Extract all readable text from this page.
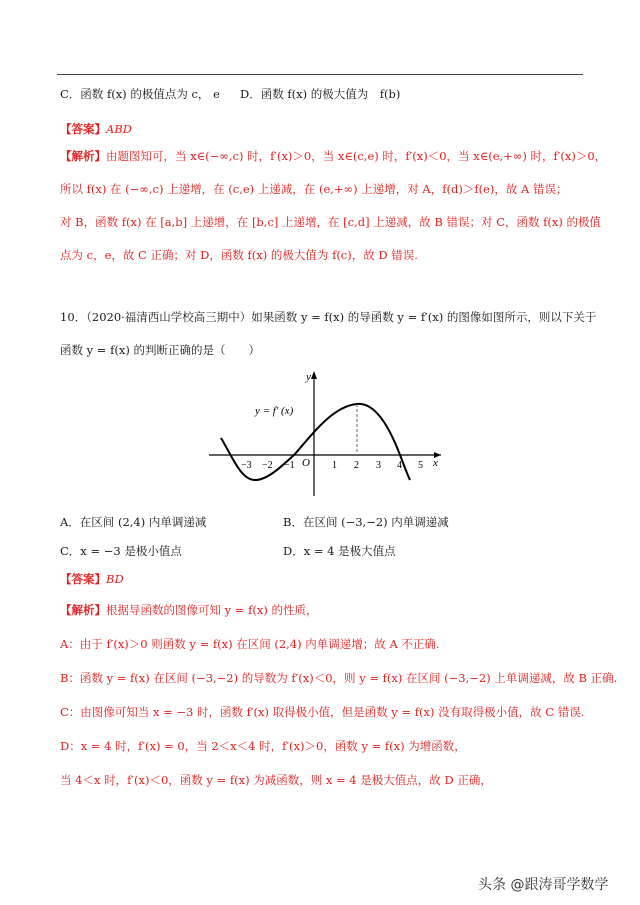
C．函数 f(x) 的极值点为 c， e D．函数 f(x) 的极大值为　f(b)
【答案】ABD
【解析】由题图知可，当 x∈(−∞,c) 时，f′(x)＞0，当 x∈(c,e) 时，f′(x)＜0，当 x∈(e,+∞) 时，f′(x)＞0，
所以 f(x) 在 (−∞,c) 上递增，在 (c,e) 上递减，在 (e,+∞) 上递增，对 A，f(d)＞f(e)，故 A 错误；
对 B，函数 f(x) 在 [a,b] 上递增，在 [b,c] 上递增，在 [c,d] 上递减，故 B 错误；对 C，函数 f(x) 的极值
点为 c，e，故 C 正确；对 D，函数 f(x) 的极大值为 f(c)，故 D 错误.
10．（2020·福清西山学校高三期中）如果函数 y = f(x) 的导函数 y = f′(x) 的图像如图所示，则以下关于
函数 y = f(x) 的判断正确的是（　　）
y
x
O
y = f′ (x)
−3 −2 −1	1 2 3 4 5
A．在区间 (2,4) 内单调递减	B．在区间 (−3,−2) 内单调递减
C．x = −3 是极小值点	D．x = 4 是极大值点
【答案】BD
【解析】根据导函数的图像可知 y = f(x) 的性质，
A：由于 f′(x)＞0 则函数 y = f(x) 在区间 (2,4) 内单调递增；故 A 不正确.
B：函数 y = f(x) 在区间 (−3,−2) 的导数为 f′(x)＜0，则 y = f(x) 在区间 (−3,−2) 上单调递减，故 B 正确.
C：由图像可知当 x = −3 时，函数 f′(x) 取得极小值，但是函数 y = f(x) 没有取得极小值，故 C 错误.
D：x = 4 时，f′(x) = 0，当 2＜x＜4 时，f′(x)＞0，函数 y = f(x) 为增函数，
当 4＜x 时，f′(x)＜0，函数 y = f(x) 为减函数，则 x = 4 是极大值点，故 D 正确，
头条 @跟涛哥学数学
